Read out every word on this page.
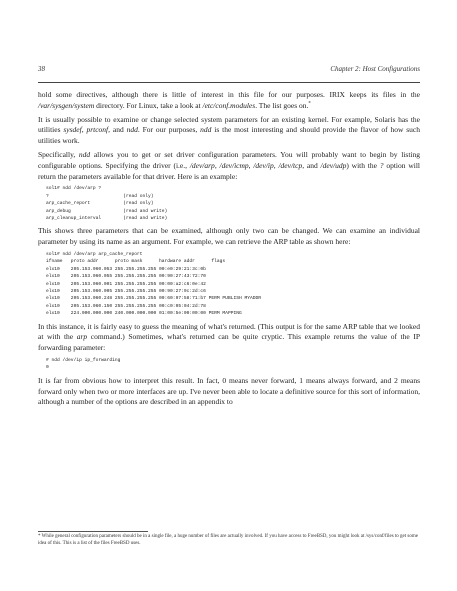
38	Chapter 2: Host Configurations

hold some directives, although there is little of interest in this file for our purposes. IRIX keeps its files in the /var/sysgen/system directory. For Linux, take a look at /etc/conf.modules. The list goes on.*

It is usually possible to examine or change selected system parameters for an existing kernel. For example, Solaris has the utilities sysdef, prtconf, and ndd. For our purposes, ndd is the most interesting and should provide the flavor of how such utilities work.

Specifically, ndd allows you to get or set driver configuration parameters. You will probably want to begin by listing configurable options. Specifying the driver (i.e., /dev/arp, /dev/icmp, /dev/ip, /dev/tcp, and /dev/udp) with the ? option will return the parameters available for that driver. Here is an example:

sol1# ndd /dev/arp ?
?                           (read only)
arp_cache_report            (read only)
arp_debug                   (read and write)
arp_cleanup_interval        (read and write)

This shows three parameters that can be examined, although only two can be changed. We can examine an individual parameter by using its name as an argument. For example, we can retrieve the ARP table as shown here:

sol1# ndd /dev/arp arp_cache_report
ifname   proto addr      proto mask      hardware addr      flags
elx10    205.153.060.053 255.255.255.255 00:e0:29:21:3c:0b
elx10    205.153.060.055 255.255.255.255 00:90:27:43:72:70
elx10    205.153.060.001 255.255.255.255 00:00:a2:c6:0e:42
elx10    205.153.060.005 255.255.255.255 00:90:27:9c:2d:c6
elx10    205.153.060.248 255.255.255.255 00:60:97:58:71:b7 PERM PUBLISH MYADDR
elx10    205.153.060.150 255.255.255.255 00:c0:05:04:2d:78
elx10    224.000.000.000 240.000.000.000 01:00:5e:00:00:00 PERM MAPPING

In this instance, it is fairly easy to guess the meaning of what's returned. (This output is for the same ARP table that we looked at with the arp command.) Sometimes, what's returned can be quite cryptic. This example returns the value of the IP forwarding parameter:

# ndd /dev/ip ip_forwarding
0

It is far from obvious how to interpret this result. In fact, 0 means never forward, 1 means always forward, and 2 means forward only when two or more interfaces are up. I've never been able to locate a definitive source for this sort of information, although a number of the options are described in an appendix to

* While general configuration parameters should be in a single file, a huge number of files are actually involved. If you have access to FreeBSD, you might look at /sys/conf/files to get some idea of this. This is a list of the files FreeBSD uses.
